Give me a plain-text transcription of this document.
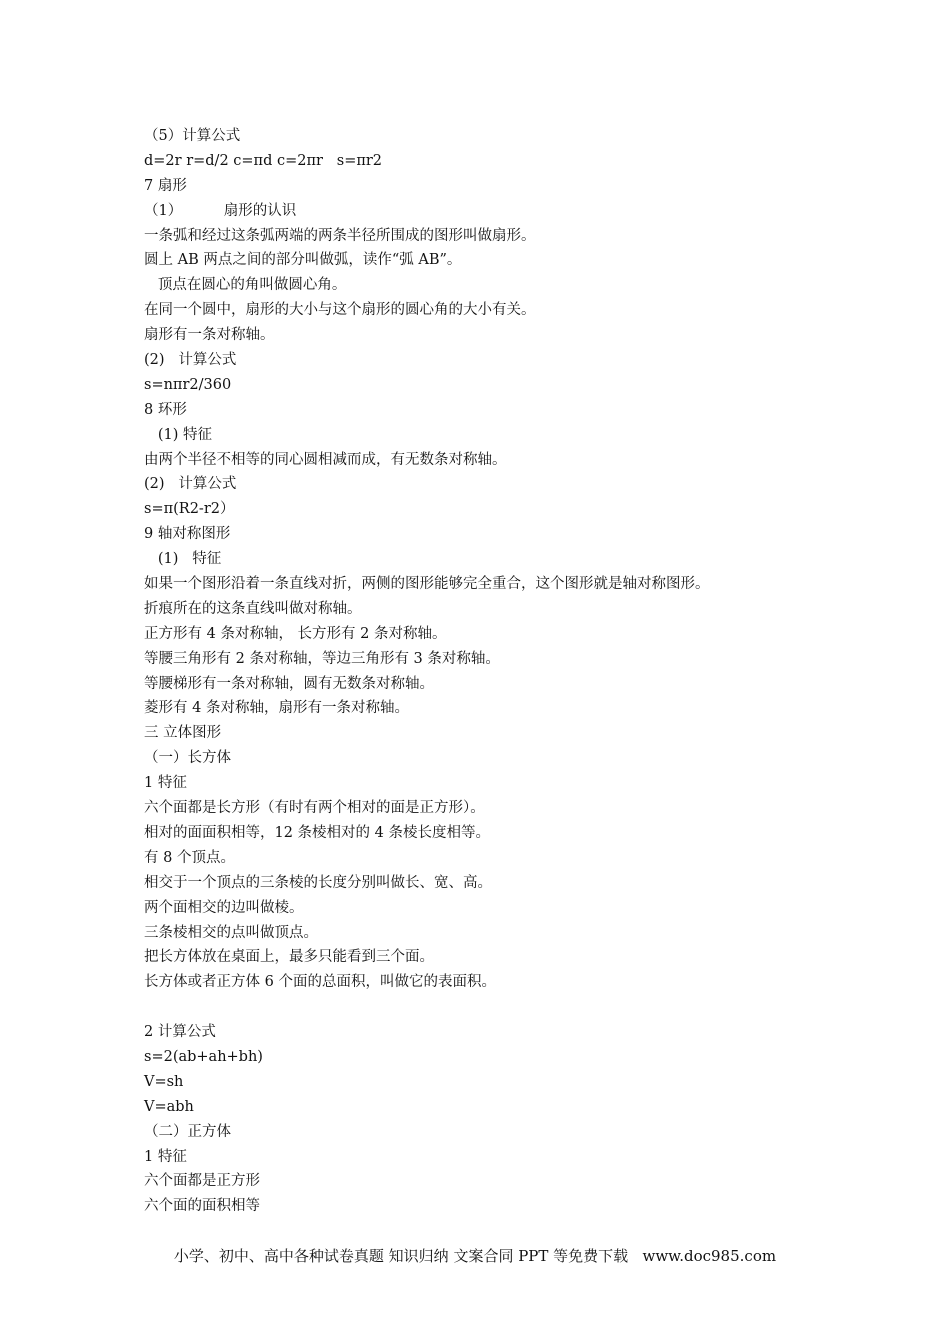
（5）计算公式
d=2r r=d/2 c=πd c=2πr   s=πr2
7 扇形
（1）         扇形的认识
一条弧和经过这条弧两端的两条半径所围成的图形叫做扇形。
圆上 AB 两点之间的部分叫做弧，读作“弧 AB”。
顶点在圆心的角叫做圆心角。
在同一个圆中，扇形的大小与这个扇形的圆心角的大小有关。
扇形有一条对称轴。
(2)   计算公式
s=nπr2/360
8 环形
(1) 特征
由两个半径不相等的同心圆相减而成，有无数条对称轴。
(2)   计算公式
s=π(R2-r2）
9 轴对称图形
(1)   特征
如果一个图形沿着一条直线对折，两侧的图形能够完全重合，这个图形就是轴对称图形。
折痕所在的这条直线叫做对称轴。
正方形有 4 条对称轴， 长方形有 2 条对称轴。
等腰三角形有 2 条对称轴，等边三角形有 3 条对称轴。
等腰梯形有一条对称轴，圆有无数条对称轴。
菱形有 4 条对称轴，扇形有一条对称轴。
三 立体图形
（一）长方体
1 特征
六个面都是长方形（有时有两个相对的面是正方形）。
相对的面面积相等，12 条棱相对的 4 条棱长度相等。
有 8 个顶点。
相交于一个顶点的三条棱的长度分别叫做长、宽、高。
两个面相交的边叫做棱。
三条棱相交的点叫做顶点。
把长方体放在桌面上，最多只能看到三个面。
长方体或者正方体 6 个面的总面积，叫做它的表面积。
2 计算公式
s=2(ab+ah+bh)
V=sh
V=abh
（二）正方体
1 特征
六个面都是正方形
六个面的面积相等
小学、初中、高中各种试卷真题 知识归纳 文案合同 PPT 等免费下载   www.doc985.com
